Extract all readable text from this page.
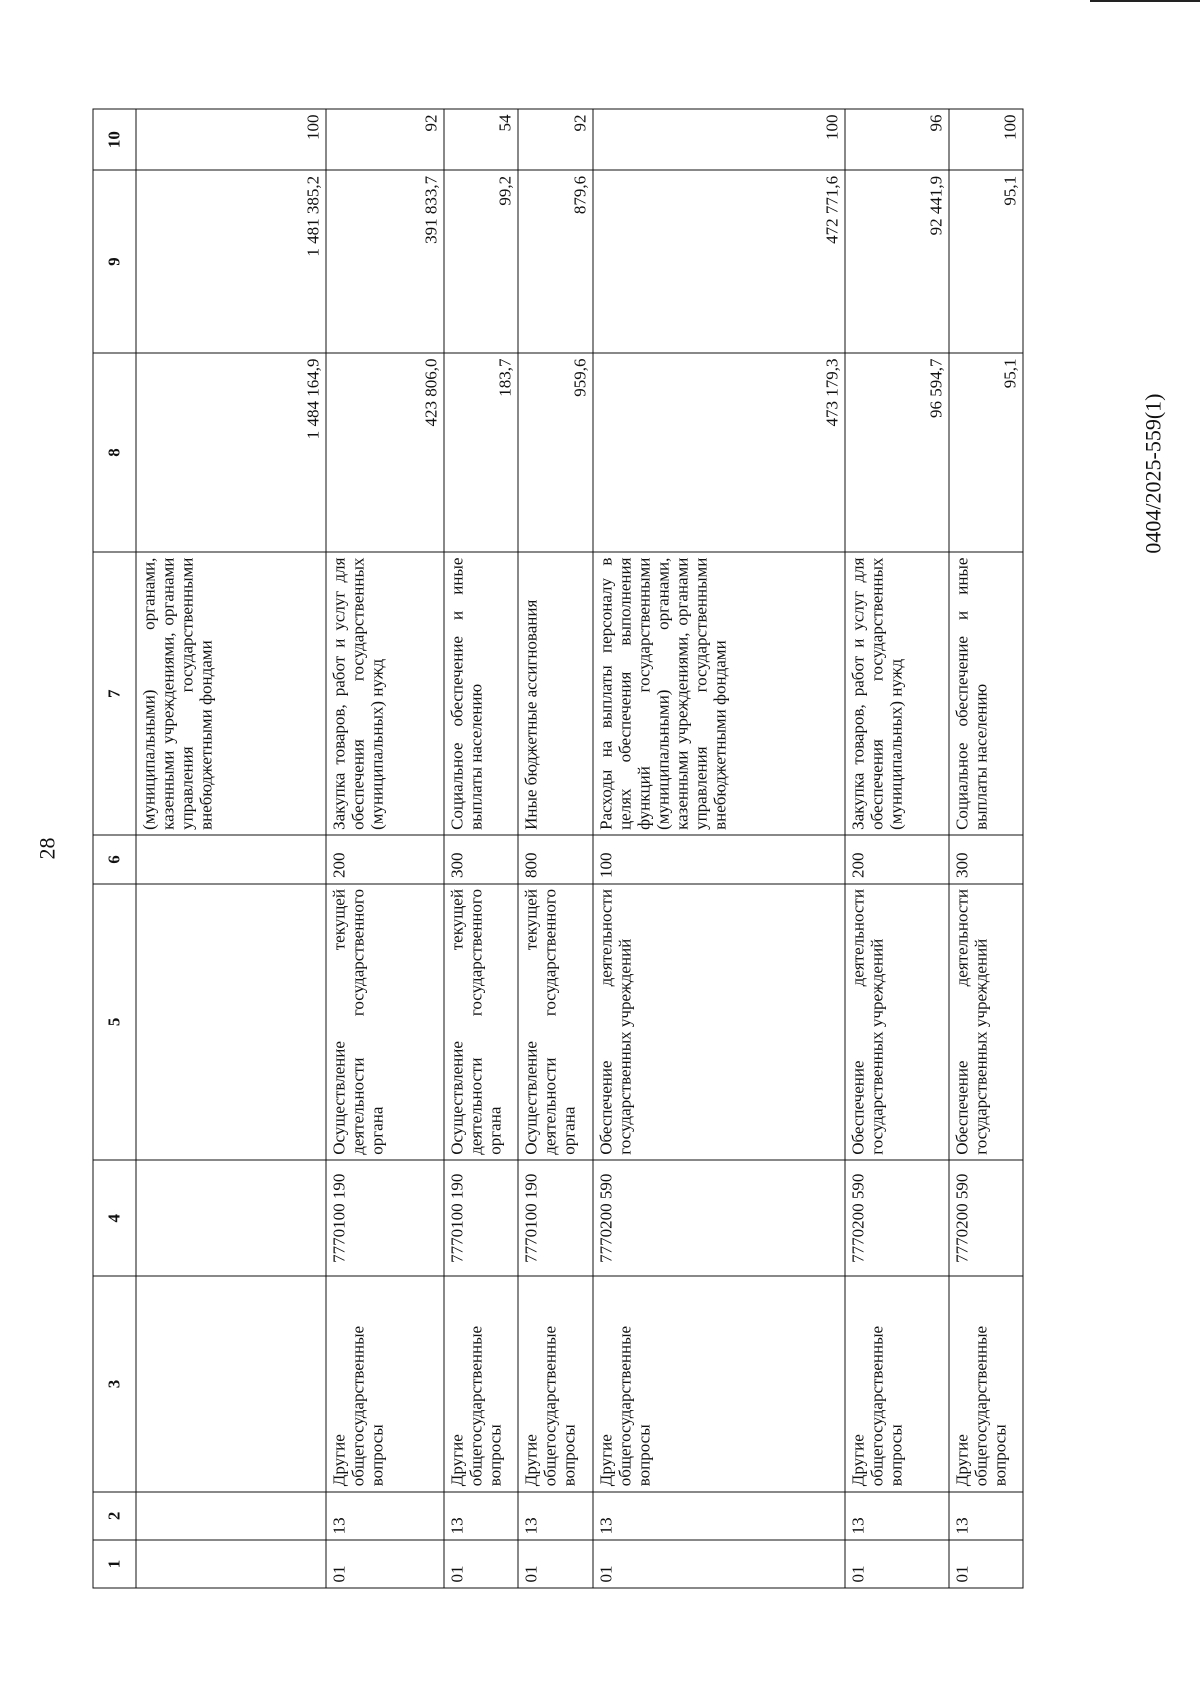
28
1	2	3	4	5	6	7	8	9	10
						(муниципальными) органами, казенными учреждениями, органами управления государственными внебюджетными фондами	1 484 164,9	1 481 385,2	100
01	13	Другие общегосударственные вопросы	7770100 190	Осуществление текущей деятельности государственного органа	200	Закупка товаров, работ и услуг для обеспечения государственных (муниципальных) нужд	423 806,0	391 833,7	92
01	13	Другие общегосударственные вопросы	7770100 190	Осуществление текущей деятельности государственного органа	300	Социальное обеспечение и иные выплаты населению	183,7	99,2	54
01	13	Другие общегосударственные вопросы	7770100 190	Осуществление текущей деятельности государственного органа	800	Иные бюджетные ассигнования	959,6	879,6	92
01	13	Другие общегосударственные вопросы	7770200 590	Обеспечение деятельности государственных учреждений	100	Расходы на выплаты персоналу в целях обеспечения выполнения функций государственными (муниципальными) органами, казенными учреждениями, органами управления государственными внебюджетными фондами	473 179,3	472 771,6	100
01	13	Другие общегосударственные вопросы	7770200 590	Обеспечение деятельности государственных учреждений	200	Закупка товаров, работ и услуг для обеспечения государственных (муниципальных) нужд	96 594,7	92 441,9	96
01	13	Другие общегосударственные вопросы	7770200 590	Обеспечение деятельности государственных учреждений	300	Социальное обеспечение и иные выплаты населению	95,1	95,1	100
0404/2025-559(1)
